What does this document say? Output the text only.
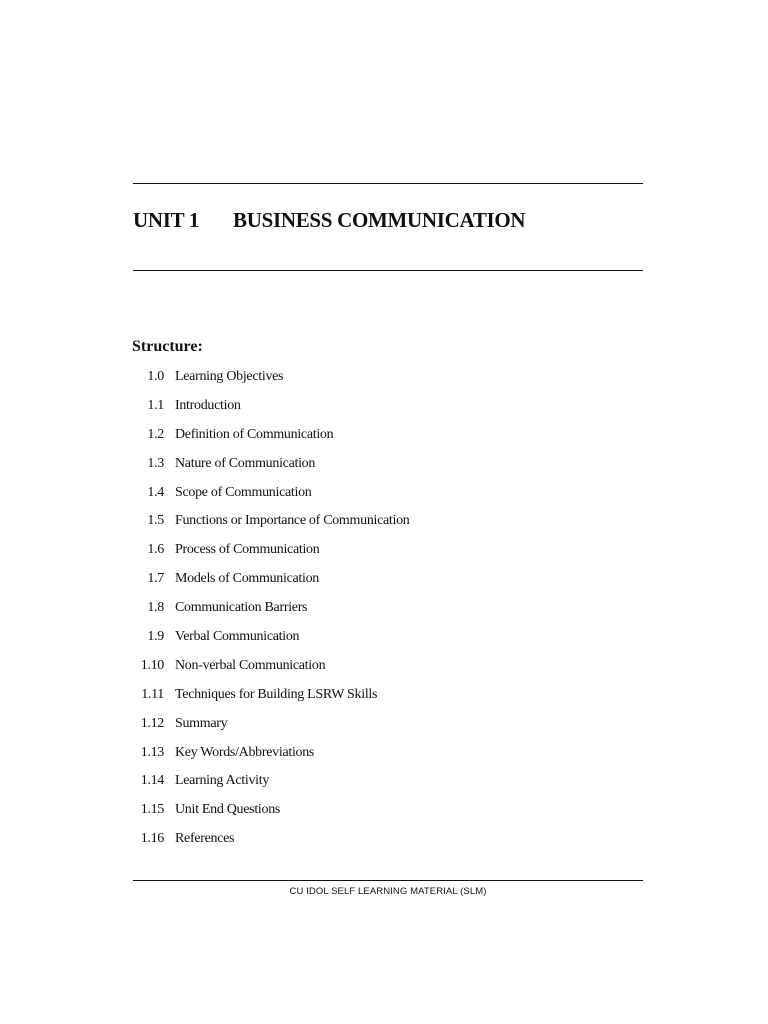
UNIT 1 BUSINESS COMMUNICATION
Structure:
1.0 Learning Objectives
1.1 Introduction
1.2 Definition of Communication
1.3 Nature of Communication
1.4 Scope of Communication
1.5 Functions or Importance of Communication
1.6 Process of Communication
1.7 Models of Communication
1.8 Communication Barriers
1.9 Verbal Communication
1.10 Non-verbal Communication
1.11 Techniques for Building LSRW Skills
1.12 Summary
1.13 Key Words/Abbreviations
1.14 Learning Activity
1.15 Unit End Questions
1.16 References
CU IDOL SELF LEARNING MATERIAL (SLM)
